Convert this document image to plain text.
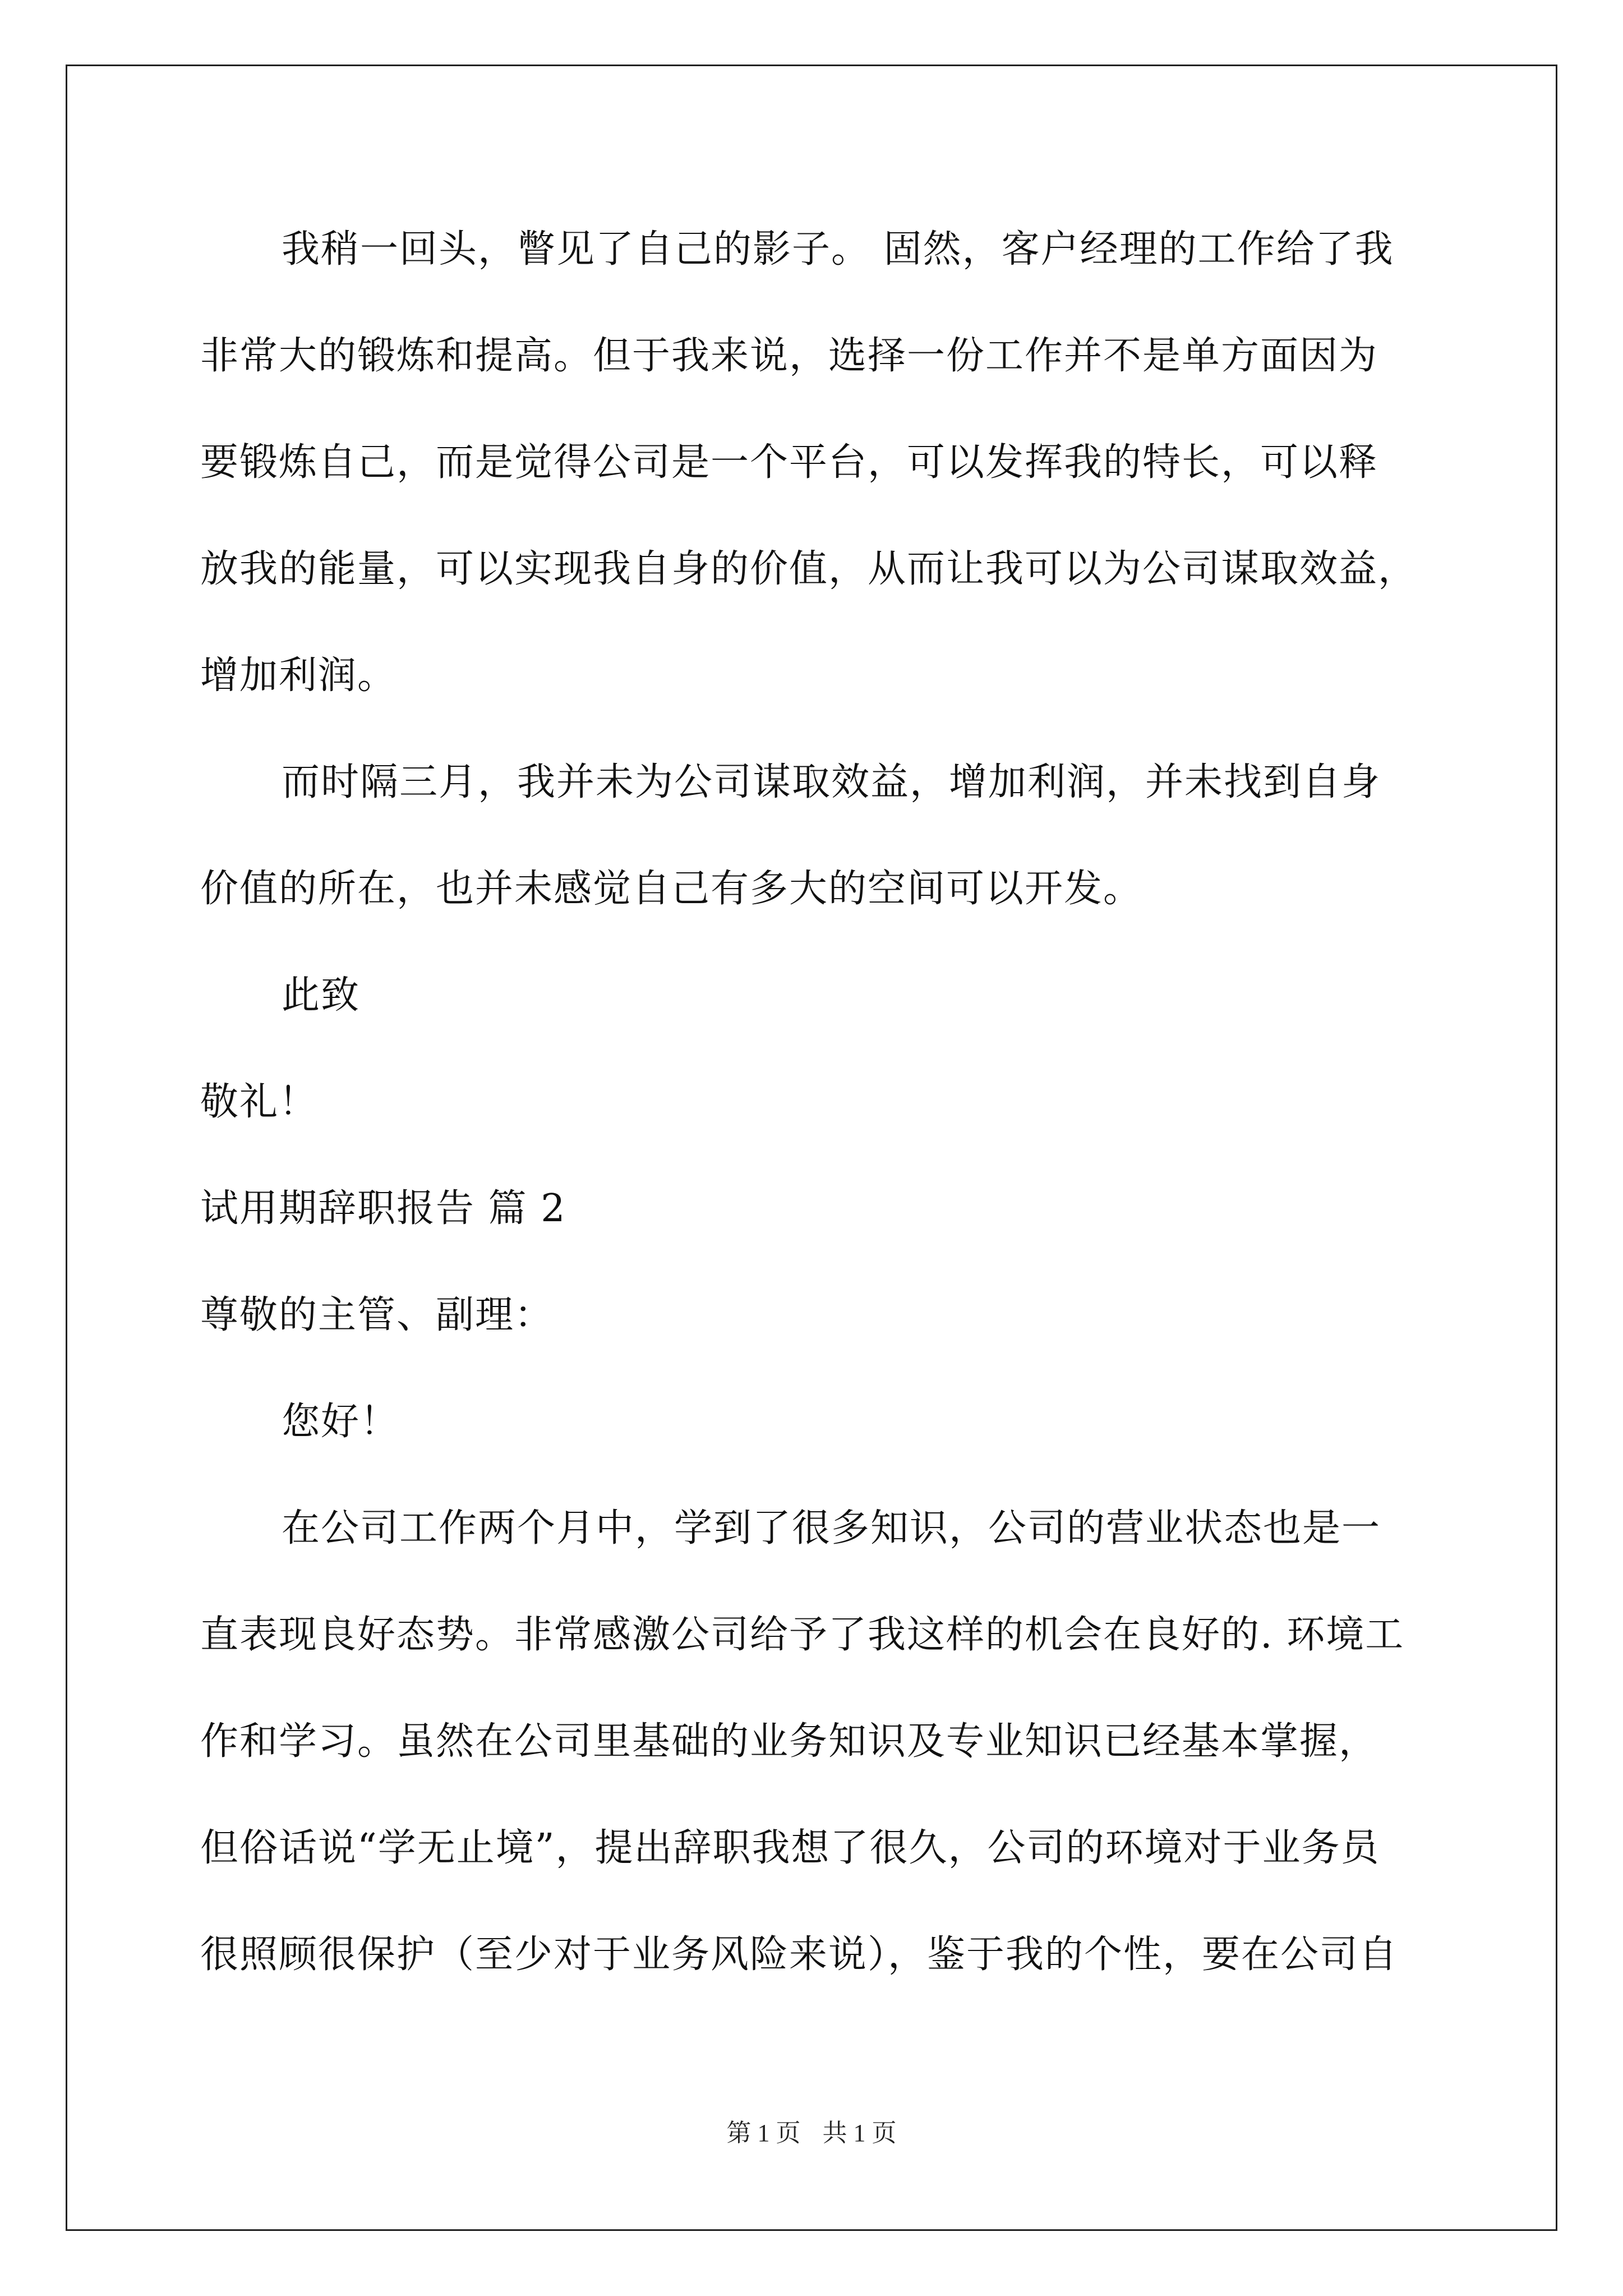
我稍一回头，瞥见了自己的影子。 固然，客户经理的工作给了我
非常大的锻炼和提高。但于我来说，选择一份工作并不是单方面因为
要锻炼自己，而是觉得公司是一个平台，可以发挥我的特长，可以释
放我的能量，可以实现我自身的价值，从而让我可以为公司谋取效益，
增加利润。
而时隔三月，我并未为公司谋取效益，增加利润，并未找到自身
价值的所在，也并未感觉自己有多大的空间可以开发。
此致
敬礼！
试用期辞职报告 篇 2
尊敬的主管、副理：
您好！
在公司工作两个月中，学到了很多知识，公司的营业状态也是一
直表现良好态势。非常感激公司给予了我这样的机会在良好的. 环境工
作和学习。虽然在公司里基础的业务知识及专业知识已经基本掌握，
但俗话说“学无止境”，提出辞职我想了很久，公司的环境对于业务员
很照顾很保护（至少对于业务风险来说），鉴于我的个性，要在公司自
第 1 页 共 1 页
